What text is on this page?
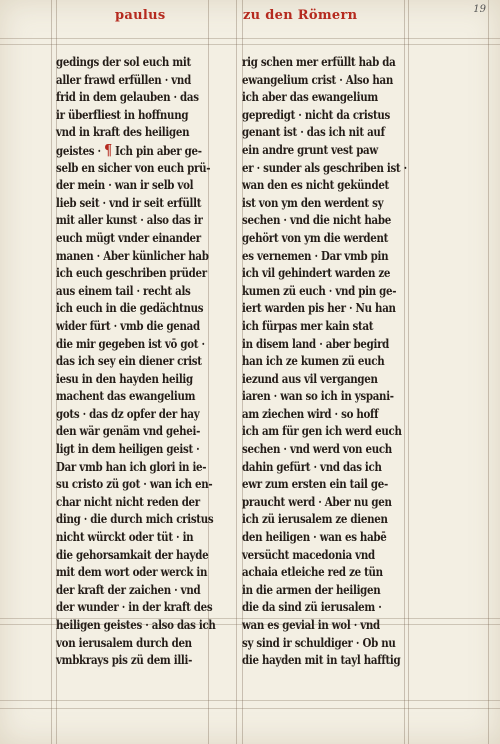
paulus	zu den Römern	19
gedings der sol euch mit
aller frawd erfüllen · vnd
frid in dem gelauben · das
ir überfliest in hoffnung
vnd in kraft des heiligen
geistes · ¶ Ich pin aber ge-
selb en sicher von euch prü-
der mein · wan ir selb vol
lieb seit · vnd ir seit erfüllt
mit aller kunst · also das ir
euch mügt vnder einander
manen · Aber künlicher hab
ich euch geschriben prüder
aus einem tail · recht als
ich euch in die gedächtnus
wider fürt · vmb die genad
die mir gegeben ist vō got ·
das ich sey ein diener crist
iesu in den hayden heilig
machent das ewangelium
gots · das dz opfer der hay
den wär genäm vnd gehei-
ligt in dem heiligen geist ·
Dar vmb han ich glori in ie-
su cristo zü got · wan ich en-
char nicht nicht reden der
ding · die durch mich cristus
nicht würckt oder tüt · in
die gehorsamkait der hayde
mit dem wort oder werck in
der kraft der zaichen · vnd
der wunder · in der kraft des
heiligen geistes · also das ich
von ierusalem durch den
vmbkrays pis zü dem illi-
rig schen mer erfüllt hab da
ewangelium crist · Also han
ich aber das ewangelium
gepredigt · nicht da cristus
genant ist · das ich nit auf
ein andre grunt vest paw
er · sunder als geschriben ist ·
wan den es nicht gekündet
ist von ym den werdent sy
sechen · vnd die nicht habe
gehört von ym die werdent
es vernemen · Dar vmb pin
ich vil gehindert warden ze
kumen zü euch · vnd pin ge-
iert warden pis her · Nu han
ich fürpas mer kain stat
in disem land · aber begird
han ich ze kumen zü euch
iezund aus vil vergangen
iaren · wan so ich in yspani-
am ziechen wird · so hoff
ich am für gen ich werd euch
sechen · vnd werd von euch
dahin gefürt · vnd das ich
ewr zum ersten ein tail ge-
praucht werd · Aber nu gen
ich zü ierusalem ze dienen
den heiligen · wan es habē
versücht macedonia vnd
achaia etleiche red ze tün
in die armen der heiligen
die da sind zü ierusalem ·
wan es gevial in wol · vnd
sy sind ir schuldiger · Ob nu
die hayden mit in tayl hafftig
